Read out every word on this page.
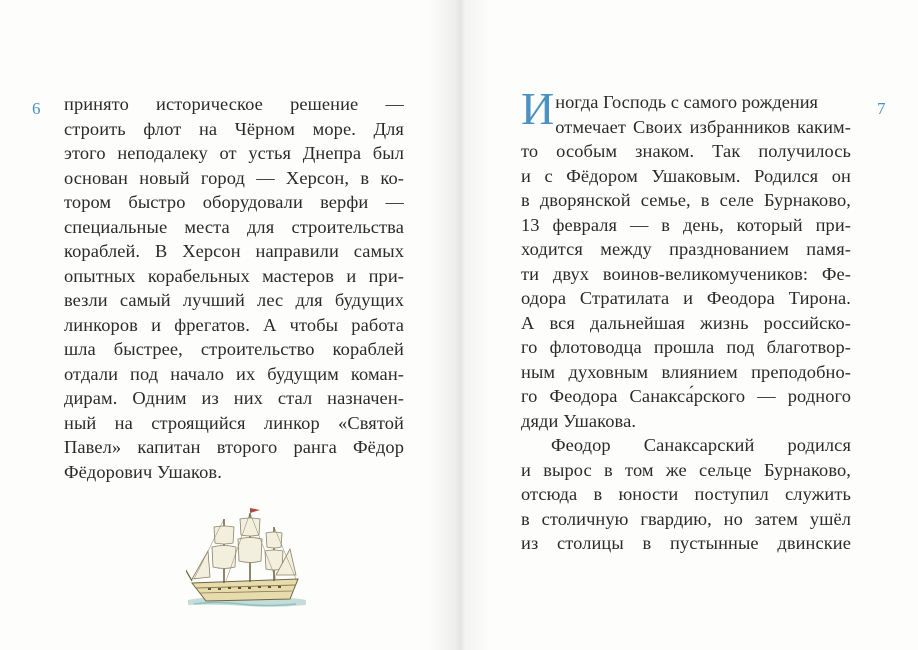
6 принято историческое решение —
строить флот на Чёрном море. Для
этого неподалеку от устья Днепра был
основан новый город — Херсон, в ко-
тором быстро оборудовали верфи —
специальные места для строительства
кораблей. В Херсон направили самых
опытных корабельных мастеров и при-
везли самый лучший лес для будущих
линкоров и фрегатов. А чтобы работа
шла быстрее, строительство кораблей
отдали под начало их будущим коман-
дирам. Одним из них стал назначен-
ный на строящийся линкор «Святой
Павел» капитан второго ранга Фёдор
Фёдорович Ушаков.
7
И ногда Господь с самого рождения
отмечает Своих избранников каким-
то особым знаком. Так получилось
и с Фёдором Ушаковым. Родился он
в дворянской семье, в селе Бурнаково,
13 февраля — в день, который при-
ходится между празднованием памя-
ти двух воинов-великомучеников: Фе-
одора Стратилата и Феодора Тирона.
А вся дальнейшая жизнь российско-
го флотоводца прошла под благотвор-
ным духовным влиянием преподобно-
го Феодора Санакса́рского — родного
дяди Ушакова.
Феодор Санаксарский родился
и вырос в том же сельце Бурнаково,
отсюда в юности поступил служить
в столичную гвардию, но затем ушёл
из столицы в пустынные двинские
